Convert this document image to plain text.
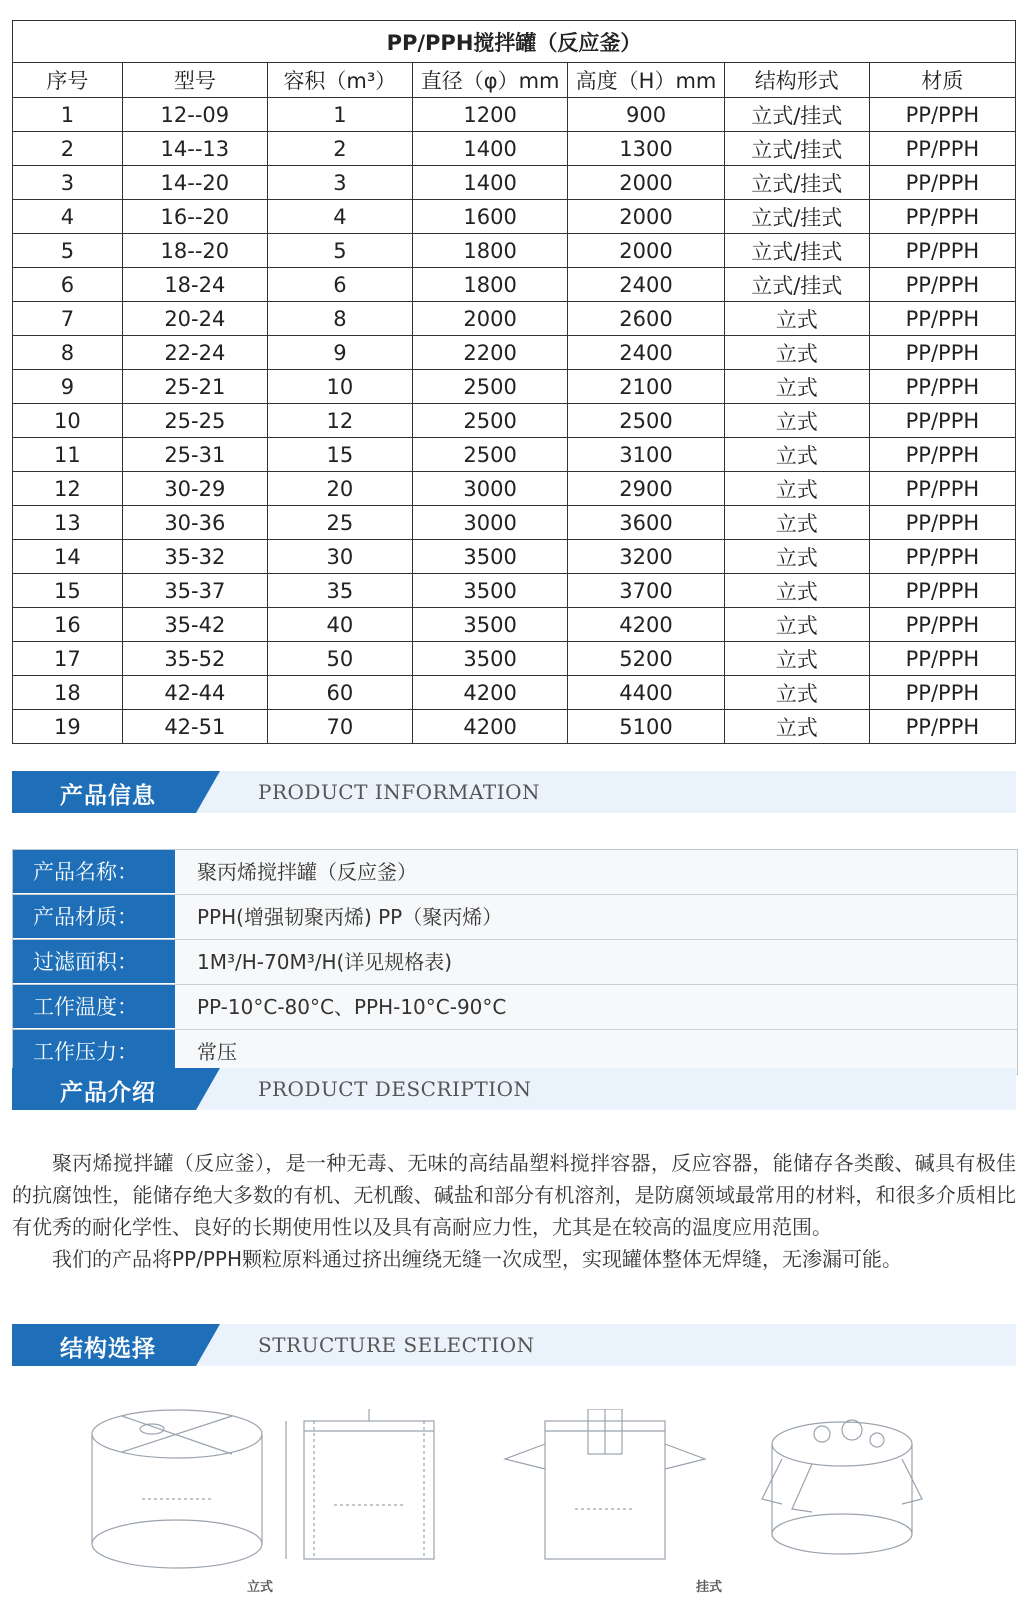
PP/PPH搅拌罐（反应釜）						
序号	型号	容积（m³）	直径（φ）mm	高度（H）mm	结构形式	材质
1	12--09	1	1200	900	立式/挂式	PP/PPH
2	14--13	2	1400	1300	立式/挂式	PP/PPH
3	14--20	3	1400	2000	立式/挂式	PP/PPH
4	16--20	4	1600	2000	立式/挂式	PP/PPH
5	18--20	5	1800	2000	立式/挂式	PP/PPH
6	18-24	6	1800	2400	立式/挂式	PP/PPH
7	20-24	8	2000	2600	立式	PP/PPH
8	22-24	9	2200	2400	立式	PP/PPH
9	25-21	10	2500	2100	立式	PP/PPH
10	25-25	12	2500	2500	立式	PP/PPH
11	25-31	15	2500	3100	立式	PP/PPH
12	30-29	20	3000	2900	立式	PP/PPH
13	30-36	25	3000	3600	立式	PP/PPH
14	35-32	30	3500	3200	立式	PP/PPH
15	35-37	35	3500	3700	立式	PP/PPH
16	35-42	40	3500	4200	立式	PP/PPH
17	35-52	50	3500	5200	立式	PP/PPH
18	42-44	60	4200	4400	立式	PP/PPH
19	42-51	70	4200	5100	立式	PP/PPH
产品信息	PRODUCT INFORMATION
产品名称：	聚丙烯搅拌罐（反应釜）
产品材质：	PPH(增强韧聚丙烯) PP（聚丙烯）
过滤面积：	1M³/H-70M³/H(详见规格表)
工作温度：	PP-10°C-80°C、PPH-10°C-90°C
工作压力：	常压
产品介绍	PRODUCT DESCRIPTION

聚丙烯搅拌罐（反应釜），是一种无毒、无味的高结晶塑料搅拌容器，反应容器，能储存各类酸、碱具有极佳的抗腐蚀性，能储存绝大多数的有机、无机酸、碱盐和部分有机溶剂，是防腐领域最常用的材料，和很多介质相比有优秀的耐化学性、良好的长期使用性以及具有高耐应力性，尤其是在较高的温度应用范围。

我们的产品将PP/PPH颗粒原料通过挤出缠绕无缝一次成型，实现罐体整体无焊缝，无渗漏可能。

结构选择	STRUCTURE SELECTION
立式	挂式
